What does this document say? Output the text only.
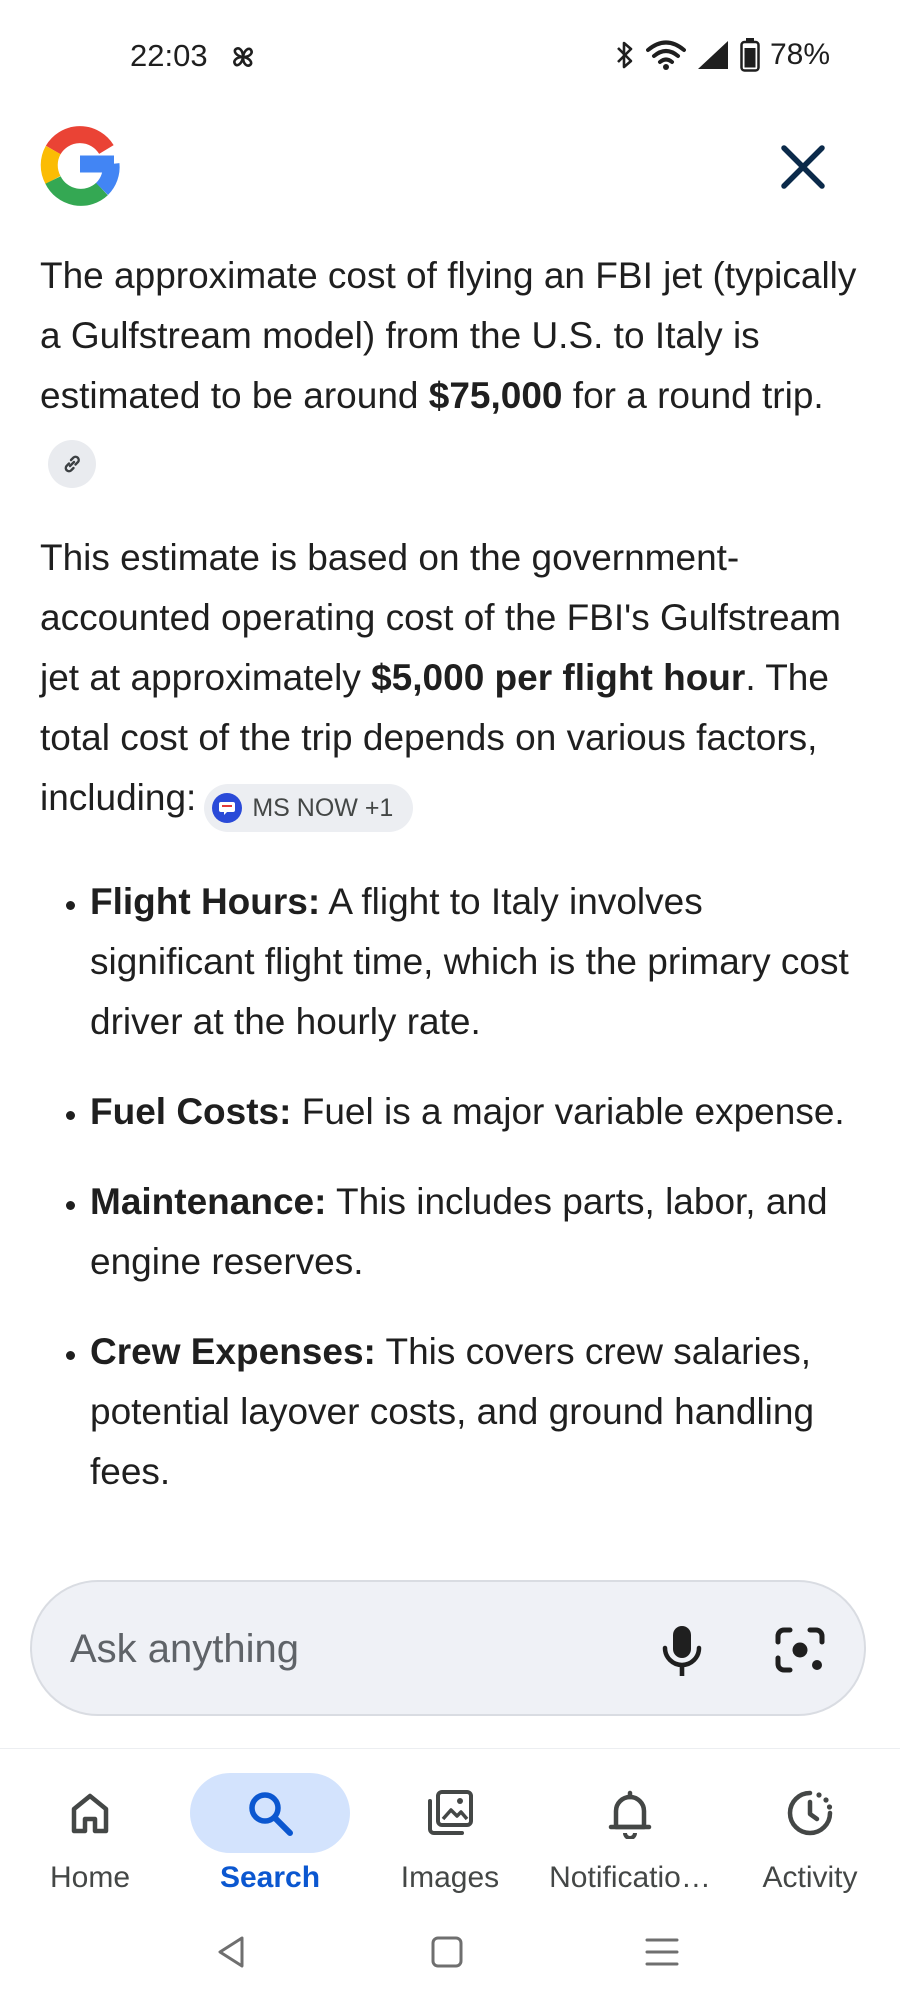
22:03	78%

The approximate cost of flying an FBI jet (typically a Gulfstream model) from the U.S. to Italy is estimated to be around $75,000 for a round trip.

This estimate is based on the government-accounted operating cost of the FBI's Gulfstream jet at approximately $5,000 per flight hour. The total cost of the trip depends on various factors, including: MS NOW +1

• Flight Hours: A flight to Italy involves significant flight time, which is the primary cost driver at the hourly rate.
• Fuel Costs: Fuel is a major variable expense.
• Maintenance: This includes parts, labor, and engine reserves.
• Crew Expenses: This covers crew salaries, potential layover costs, and ground handling fees.
Ask anything
Home	Search	Images	Notificatio…	Activity
